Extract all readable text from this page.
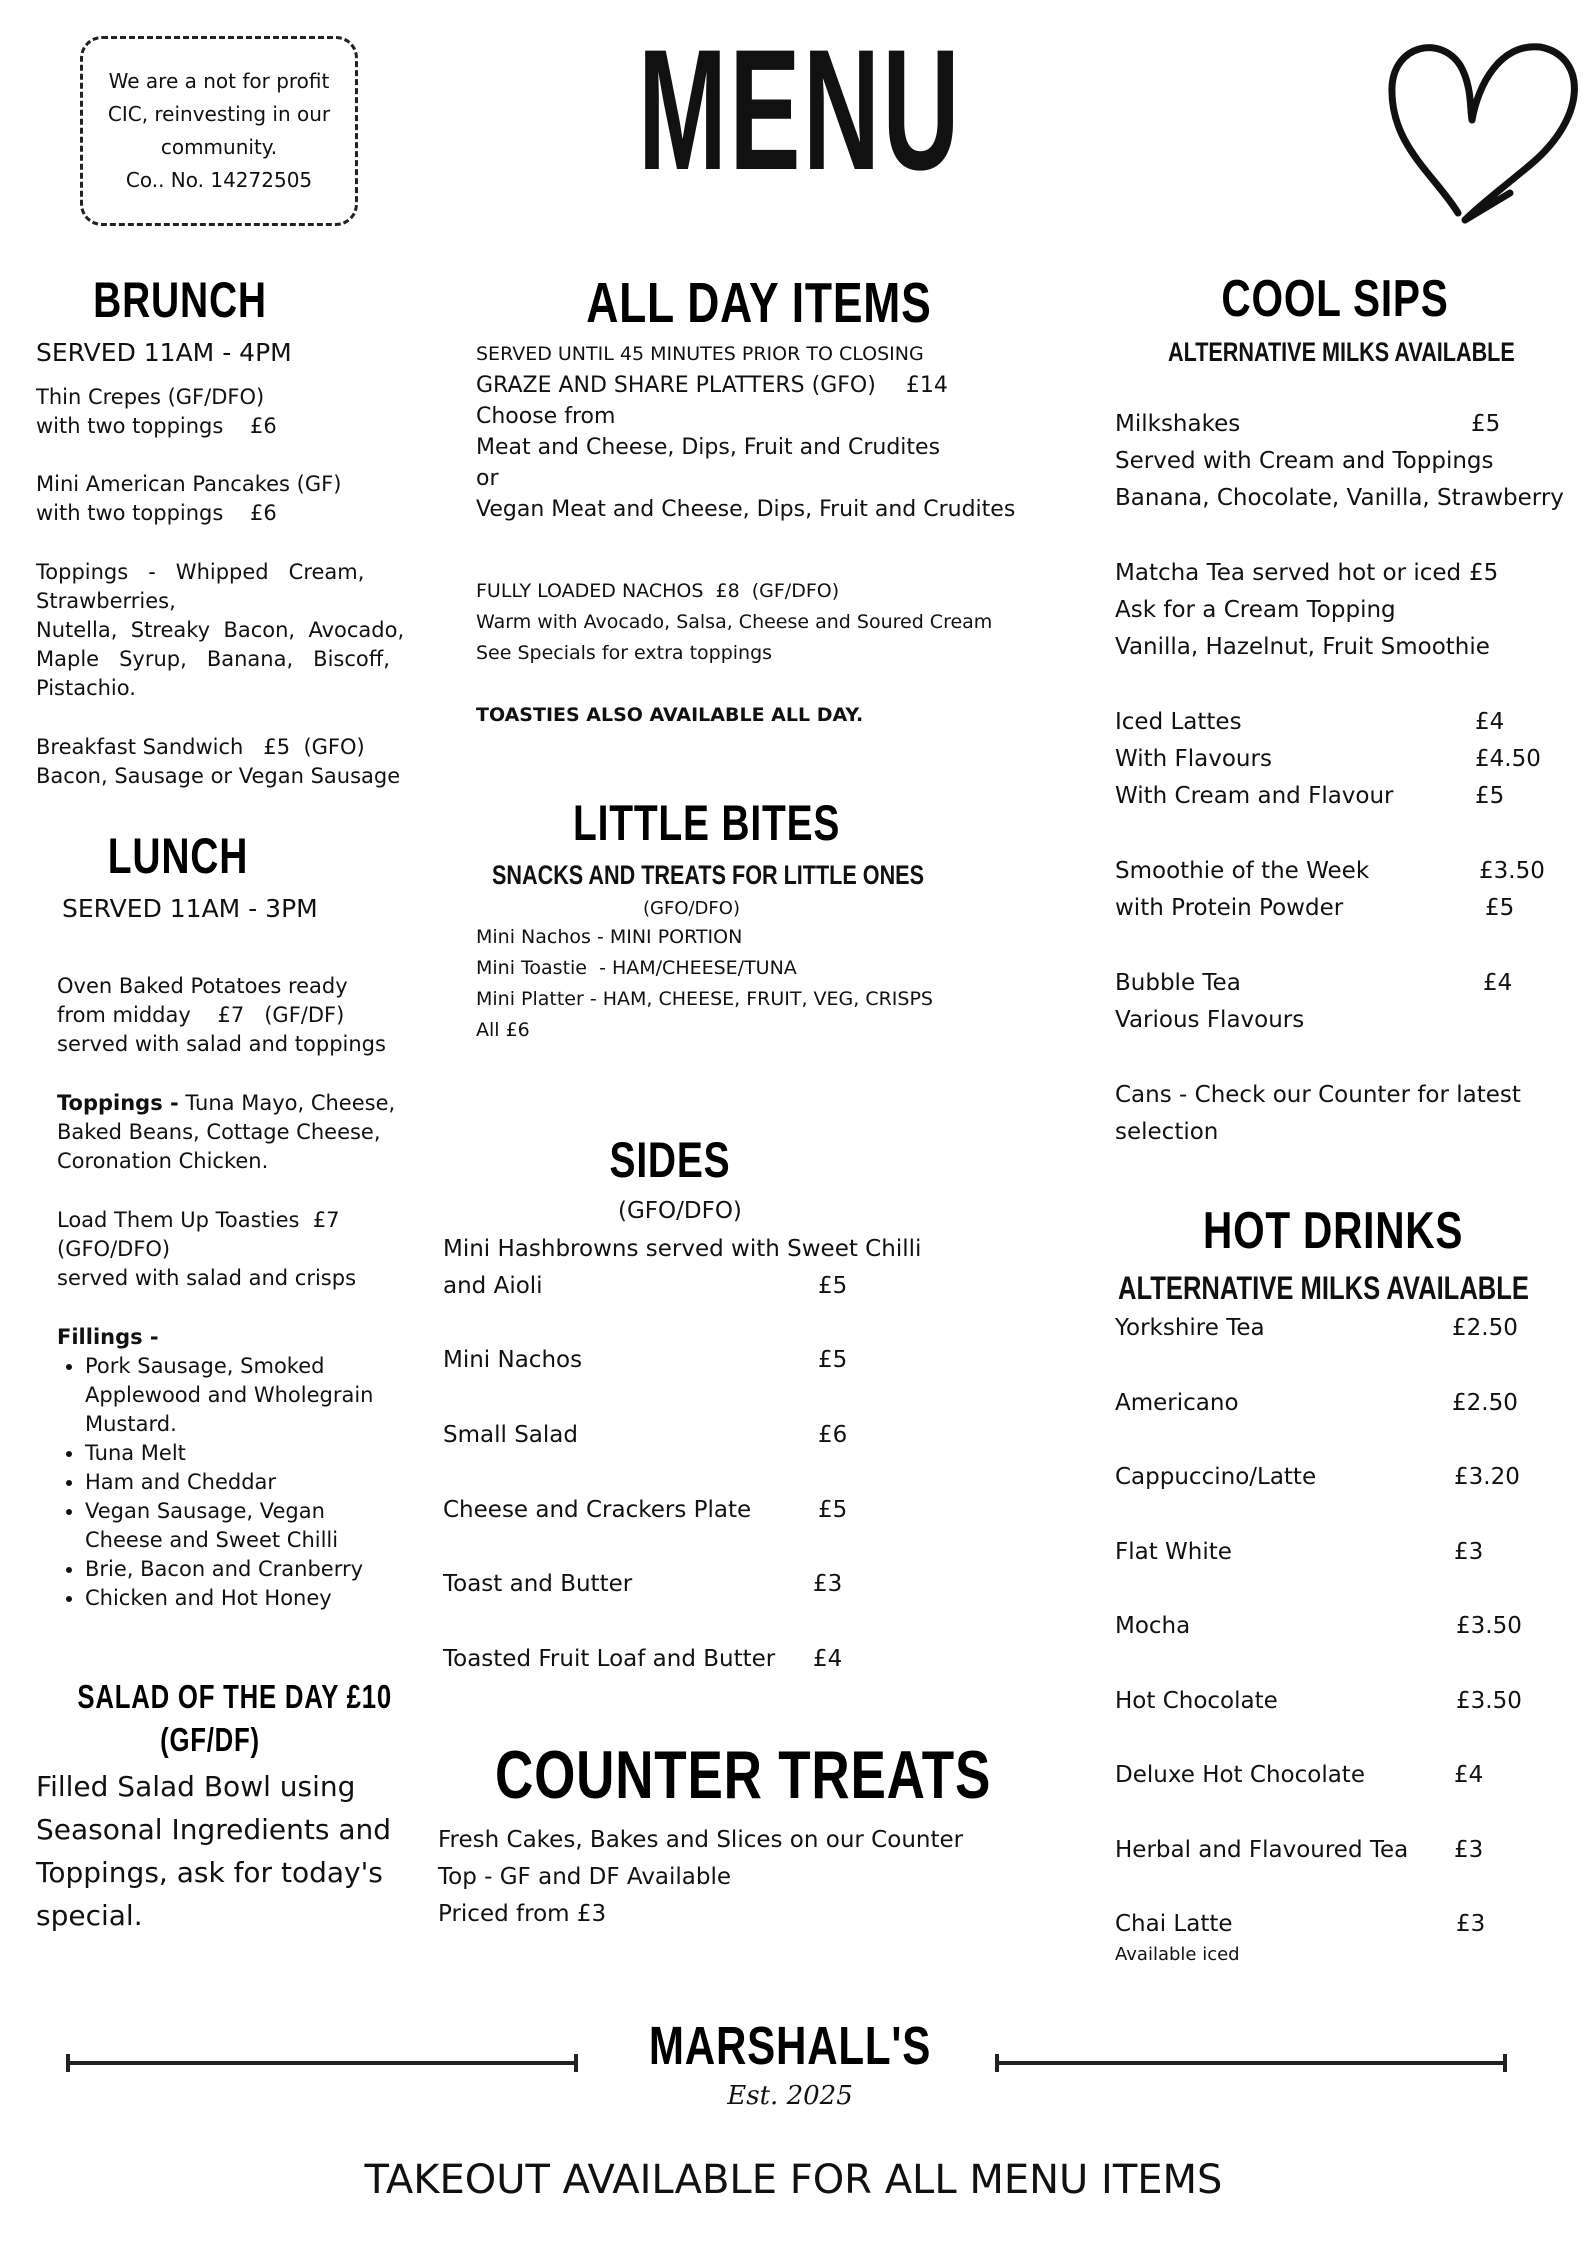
We are a not for profit
CIC, reinvesting in our
community.
Co.. No. 14272505 MENU
BRUNCH
SERVED 11AM - 4PM
Thin Crepes (GF/DFO)
with two toppings    £6
Mini American Pancakes (GF)
with two toppings    £6
Toppings   -   Whipped   Cream,
Strawberries,
Nutella,  Streaky  Bacon,  Avocado,
Maple   Syrup,   Banana,   Biscoff,
Pistachio.
Breakfast Sandwich   £5  (GFO)
Bacon, Sausage or Vegan Sausage
LUNCH
SERVED 11AM - 3PM
Oven Baked Potatoes ready
from midday    £7   (GF/DF)
served with salad and toppings
Toppings - Tuna Mayo, Cheese,
Baked Beans, Cottage Cheese,
Coronation Chicken.
Load Them Up Toasties  £7
(GFO/DFO)
served with salad and crisps
Fillings -
• Pork Sausage, Smoked Applewood and Wholegrain Mustard.
• Tuna Melt
• Ham and Cheddar
• Vegan Sausage, Vegan Cheese and Sweet Chilli
• Brie, Bacon and Cranberry
• Chicken and Hot Honey
SALAD OF THE DAY £10
(GF/DF)
Filled Salad Bowl using
Seasonal Ingredients and
Toppings, ask for today's
special.
ALL DAY ITEMS
SERVED UNTIL 45 MINUTES PRIOR TO CLOSING
GRAZE AND SHARE PLATTERS (GFO) £14
Choose from
Meat and Cheese, Dips, Fruit and Crudites
or
Vegan Meat and Cheese, Dips, Fruit and Crudites
FULLY LOADED NACHOS  £8  (GF/DFO)
Warm with Avocado, Salsa, Cheese and Soured Cream
See Specials for extra toppings
TOASTIES ALSO AVAILABLE ALL DAY.
LITTLE BITES
SNACKS AND TREATS FOR LITTLE ONES
(GFO/DFO)
Mini Nachos - MINI PORTION
Mini Toastie  - HAM/CHEESE/TUNA
Mini Platter - HAM, CHEESE, FRUIT, VEG, CRISPS
All £6
SIDES
(GFO/DFO)
Mini Hashbrowns served with Sweet Chilli
and Aioli	£5
Mini Nachos	£5
Small Salad	£6
Cheese and Crackers Plate	£5
Toast and Butter	£3
Toasted Fruit Loaf and Butter	£4
COUNTER TREATS
Fresh Cakes, Bakes and Slices on our Counter
Top - GF and DF Available
Priced from £3
COOL SIPS
ALTERNATIVE MILKS AVAILABLE
Milkshakes	£5
Served with Cream and Toppings
Banana, Chocolate, Vanilla, Strawberry
Matcha Tea served hot or iced £5
Ask for a Cream Topping
Vanilla, Hazelnut, Fruit Smoothie
Iced Lattes	£4
With Flavours	£4.50
With Cream and Flavour	£5
Smoothie of the Week	£3.50
with Protein Powder	£5
Bubble Tea	£4
Various Flavours
Cans - Check our Counter for latest
selection
HOT DRINKS
ALTERNATIVE MILKS AVAILABLE
Yorkshire Tea	£2.50
Americano	£2.50
Cappuccino/Latte	£3.20
Flat White	£3
Mocha	£3.50
Hot Chocolate	£3.50
Deluxe Hot Chocolate	£4
Herbal and Flavoured Tea	£3
Chai Latte	£3
Available iced
MARSHALL'S
Est. 2025
TAKEOUT AVAILABLE FOR ALL MENU ITEMS
